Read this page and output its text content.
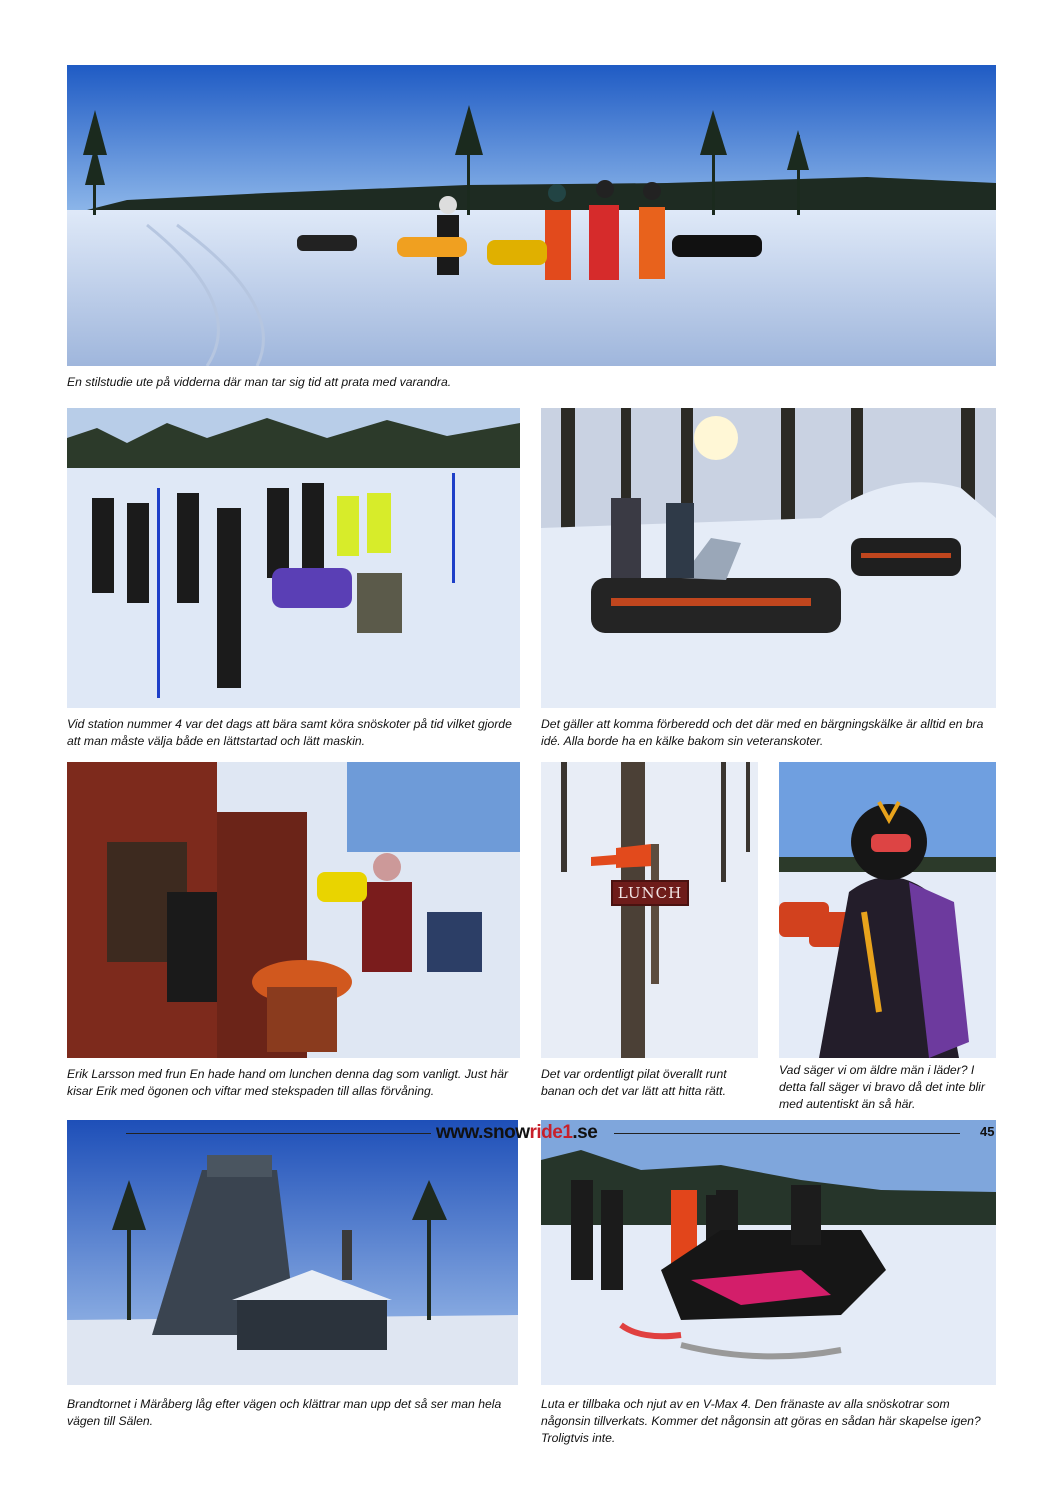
En stilstudie ute på vidderna där man tar sig tid att prata med varandra.

Vid station nummer 4 var det dags att bära samt köra snöskoter på tid vilket gjorde att man måste välja både en lättstartad och lätt maskin.

Det gäller att komma förberedd och det där med en bärgningskälke är alltid en bra idé. Alla borde ha en kälke bakom sin veteranskoter.

Erik Larsson med frun En hade hand om lunchen denna dag som vanligt. Just här kisar Erik med ögonen och viftar med stekspaden till allas förvåning.

LUNCH

Det var ordentligt pilat överallt runt banan och det var lätt att hitta rätt.

Vad säger vi om äldre män i läder? I detta fall säger vi bravo då det inte blir med autentiskt än så här.

Brandtornet i Märåberg låg efter vägen och klättrar man upp det så ser man hela vägen till Sälen.

Luta er tillbaka och njut av en V-Max 4. Den fränaste av alla snöskotrar som någonsin tillverkats. Kommer det någonsin att göras en sådan här skapelse igen? Troligtvis inte.

www.snowride1.se	45
